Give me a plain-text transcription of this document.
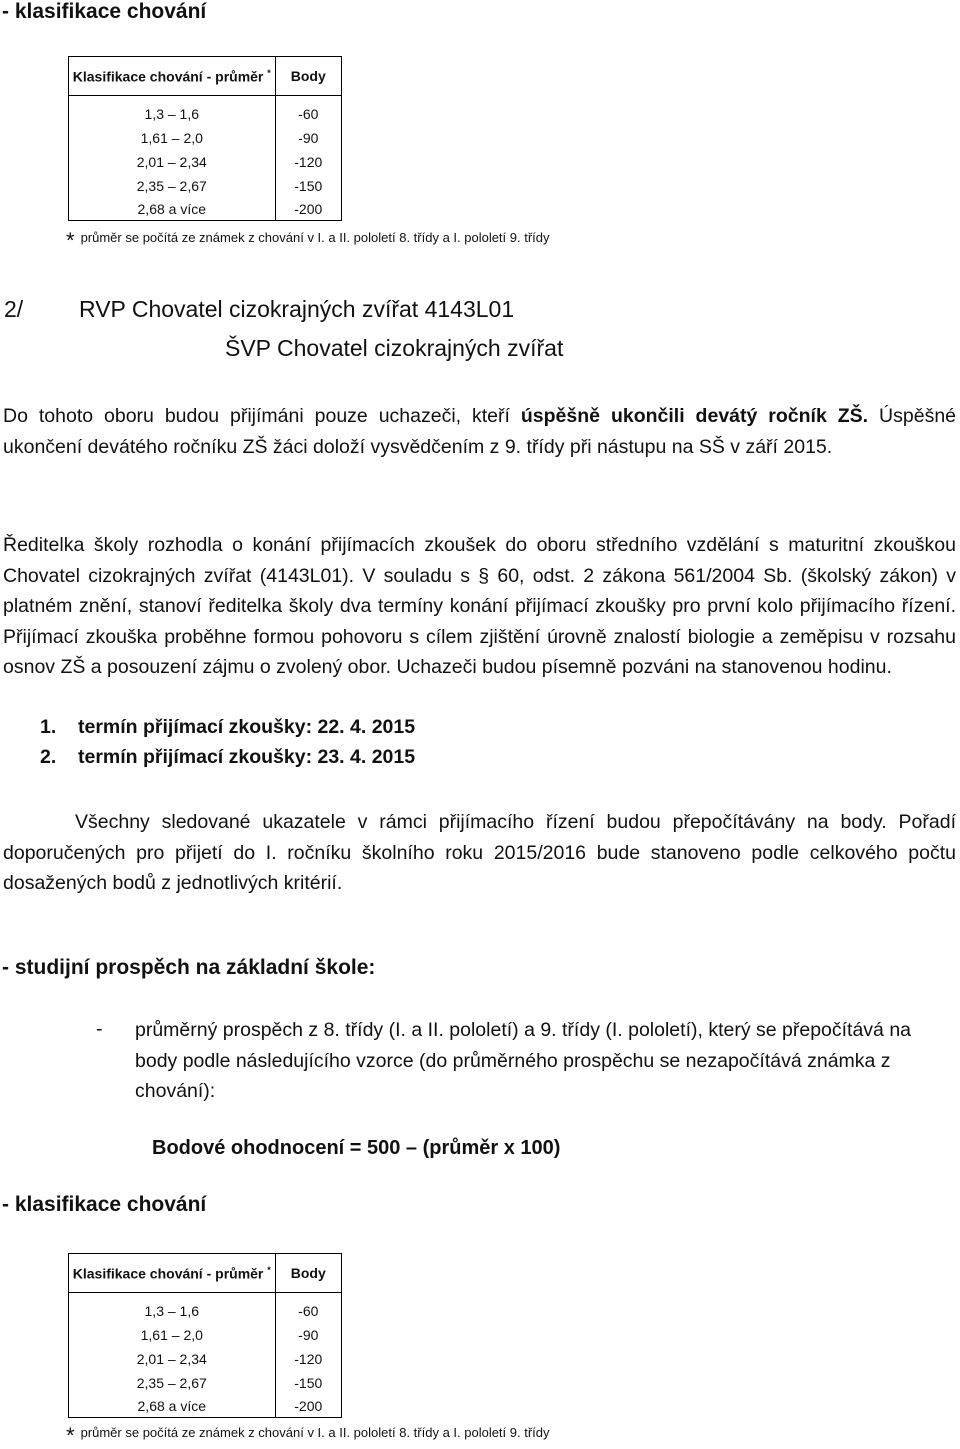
- klasifikace chování
Klasifikace chování - průměr *	Body
1,3 – 1,6	-60
1,61 – 2,0	-90
2,01 – 2,34	-120
2,35 – 2,67	-150
2,68 a více	-200
* průměr se počítá ze známek z chování v I. a II. pololetí 8. třídy a I. pololetí 9. třídy
2/ RVP Chovatel cizokrajných zvířat 4143L01
ŠVP Chovatel cizokrajných zvířat
Do tohoto oboru budou přijímáni pouze uchazeči, kteří úspěšně ukončili devátý ročník ZŠ. Úspěšné ukončení devátého ročníku ZŠ žáci doloží vysvědčením z 9. třídy při nástupu na SŠ v září 2015.
Ředitelka školy rozhodla o konání přijímacích zkoušek do oboru středního vzdělání s maturitní zkouškou Chovatel cizokrajných zvířat (4143L01). V souladu s § 60, odst. 2 zákona 561/2004 Sb. (školský zákon) v platném znění, stanoví ředitelka školy dva termíny konání přijímací zkoušky pro první kolo přijímacího řízení. Přijímací zkouška proběhne formou pohovoru s cílem zjištění úrovně znalostí biologie a zeměpisu v rozsahu osnov ZŠ a posouzení zájmu o zvolený obor. Uchazeči budou písemně pozváni na stanovenou hodinu.
1. termín přijímací zkoušky: 22. 4. 2015
2. termín přijímací zkoušky: 23. 4. 2015
Všechny sledované ukazatele v rámci přijímacího řízení budou přepočítávány na body. Pořadí doporučených pro přijetí do I. ročníku školního roku 2015/2016 bude stanoveno podle celkového počtu dosažených bodů z jednotlivých kritérií.
- studijní prospěch na základní škole:
- průměrný prospěch z 8. třídy (I. a II. pololetí) a 9. třídy (I. pololetí), který se přepočítává na body podle následujícího vzorce (do průměrného prospěchu se nezapočítává známka z chování):
Bodové ohodnocení = 500 – (průměr x 100)
- klasifikace chování
Klasifikace chování - průměr *	Body
1,3 – 1,6	-60
1,61 – 2,0	-90
2,01 – 2,34	-120
2,35 – 2,67	-150
2,68 a více	-200
* průměr se počítá ze známek z chování v I. a II. pololetí 8. třídy a I. pololetí 9. třídy
